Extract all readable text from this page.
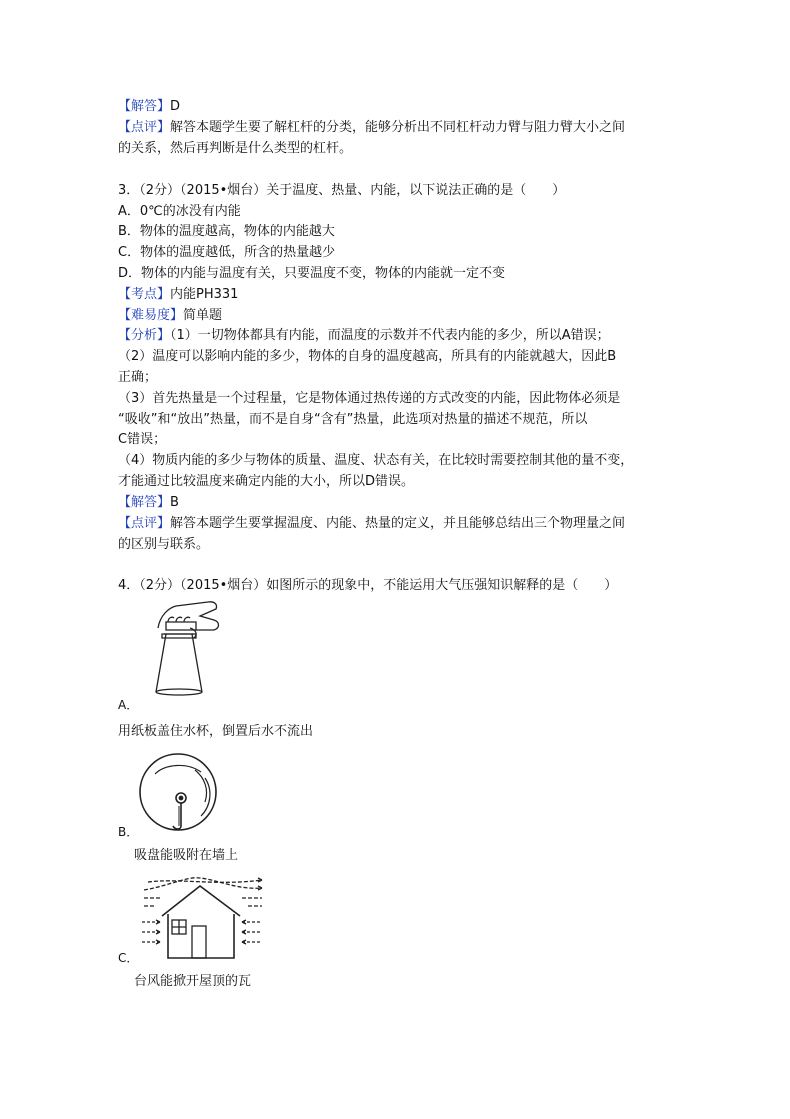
【解答】D
【点评】解答本题学生要了解杠杆的分类，能够分析出不同杠杆动力臂与阻力臂大小之间
的关系，然后再判断是什么类型的杠杆。
3．（2分）（2015•烟台）关于温度、热量、内能，以下说法正确的是（　　）
A．0℃的冰没有内能
B．物体的温度越高，物体的内能越大
C．物体的温度越低，所含的热量越少
D．物体的内能与温度有关，只要温度不变，物体的内能就一定不变
【考点】内能PH331
【难易度】简单题
【分析】（1）一切物体都具有内能，而温度的示数并不代表内能的多少，所以A错误；
（2）温度可以影响内能的多少，物体的自身的温度越高，所具有的内能就越大，因此B
正确；
（3）首先热量是一个过程量，它是物体通过热传递的方式改变的内能，因此物体必须是
“吸收”和“放出”热量，而不是自身“含有”热量，此选项对热量的描述不规范，所以
C错误；
（4）物质内能的多少与物体的质量、温度、状态有关，在比较时需要控制其他的量不变，
才能通过比较温度来确定内能的大小，所以D错误。
【解答】B
【点评】解答本题学生要掌握温度、内能、热量的定义，并且能够总结出三个物理量之间
的区别与联系。
4．（2分）（2015•烟台）如图所示的现象中，不能运用大气压强知识解释的是（　　）
A．
用纸板盖住水杯，倒置后水不流出
B．
吸盘能吸附在墙上
C．
台风能掀开屋顶的瓦
